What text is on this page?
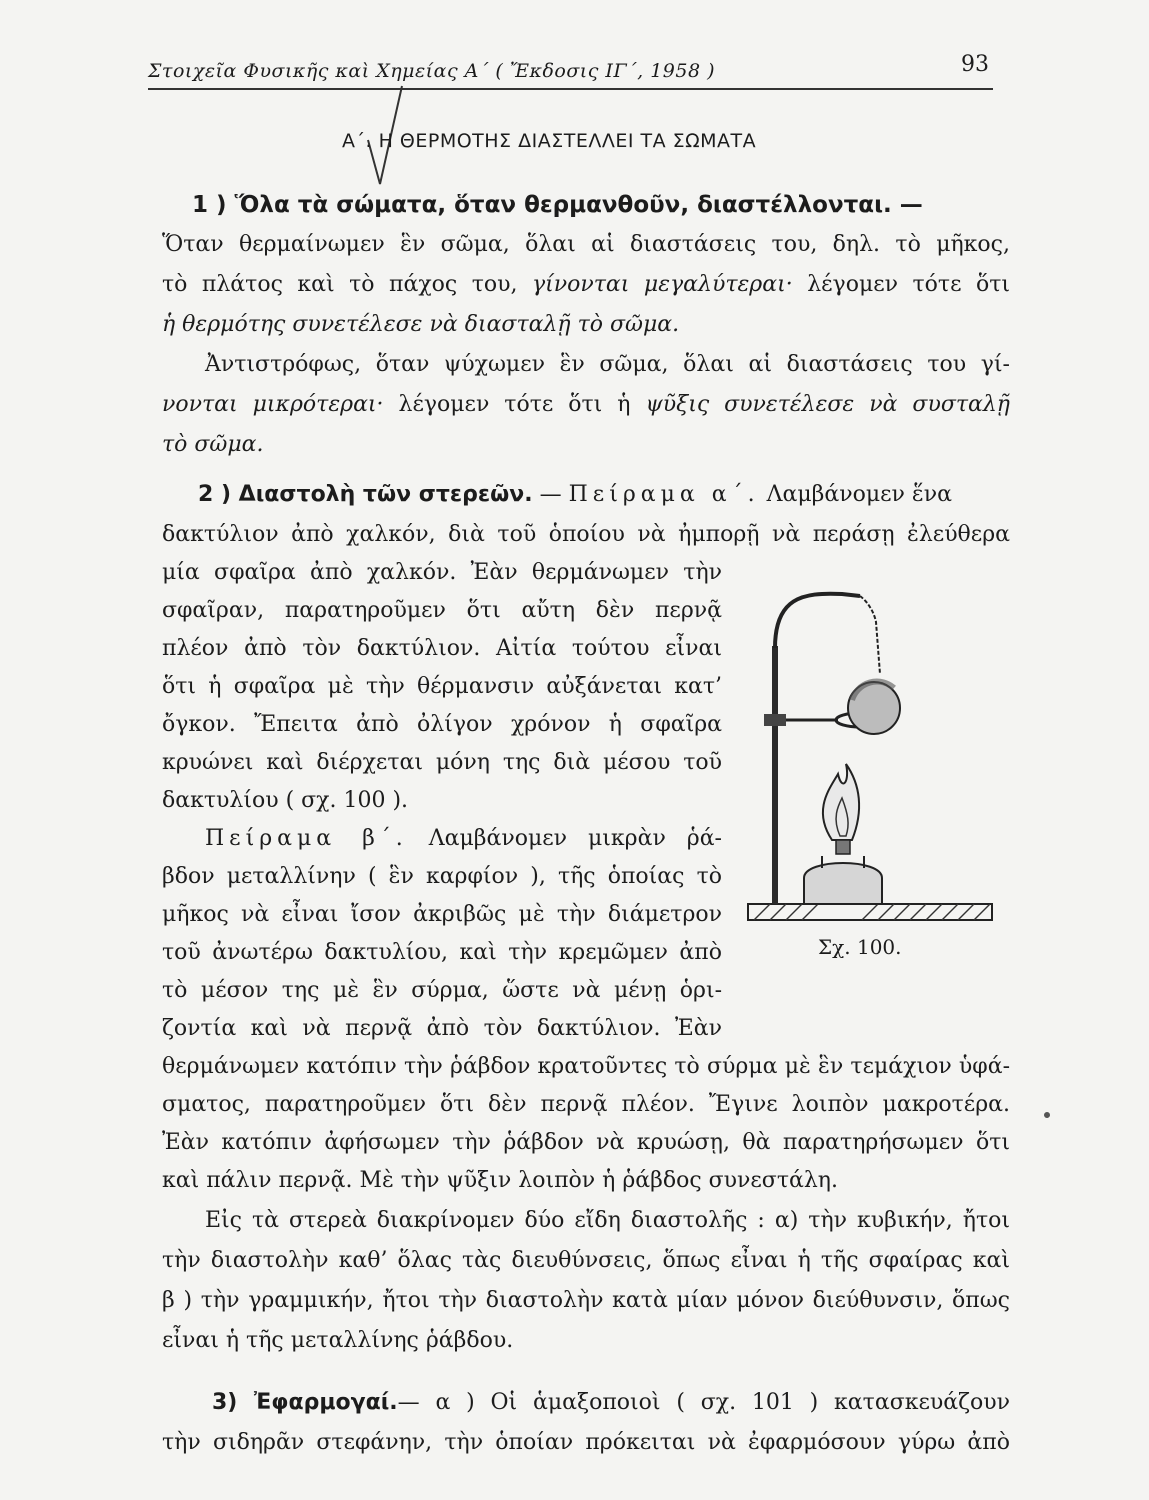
Στοιχεῖα Φυσικῆς καὶ Χημείας Α΄ ( Ἔκδοσις ΙΓ΄, 1958 )	93
Α΄. Η ΘΕΡΜΟΤΗΣ ΔΙΑΣΤΕΛΛΕΙ ΤΑ ΣΩΜΑΤΑ
1 ) Ὅλα τὰ σώματα, ὅταν θερμανθοῦν, διαστέλλονται. —
Ὅταν θερμαίνωμεν ἓν σῶμα, ὅλαι αἱ διαστάσεις του, δηλ. τὸ μῆκος,
τὸ πλάτος καὶ τὸ πάχος του, γίνονται μεγαλύτεραι· λέγομεν τότε ὅτι
ἡ θερμότης συνετέλεσε νὰ διασταλῇ τὸ σῶμα.
Ἀντιστρόφως, ὅταν ψύχωμεν ἓν σῶμα, ὅλαι αἱ διαστάσεις του γί-
νονται μικρότεραι· λέγομεν τότε ὅτι ἡ ψῦξις συνετέλεσε νὰ συσταλῇ
τὸ σῶμα.
2 ) Διαστολὴ τῶν στερεῶν. — Πείραμα α΄. Λαμβάνομεν ἕνα
δακτύλιον ἀπὸ χαλκόν, διὰ τοῦ ὁποίου νὰ ἠμπορῇ νὰ περάσῃ ἐλεύθερα
μία σφαῖρα ἀπὸ χαλκόν. Ἐὰν θερμάνωμεν τὴν
σφαῖραν, παρατηροῦμεν ὅτι αὔτη δὲν περνᾷ
πλέον ἀπὸ τὸν δακτύλιον. Αἰτία τούτου εἶναι
ὅτι ἡ σφαῖρα μὲ τὴν θέρμανσιν αὐξάνεται κατ’
ὄγκον. Ἔπειτα ἀπὸ ὀλίγον χρόνον ἡ σφαῖρα
κρυώνει καὶ διέρχεται μόνη της διὰ μέσου τοῦ
δακτυλίου ( σχ. 100 ).
Πείραμα β΄. Λαμβάνομεν μικρὰν ῥά-
βδον μεταλλίνην ( ἓν καρφίον ), τῆς ὁποίας τὸ
μῆκος νὰ εἶναι ἴσον ἀκριβῶς μὲ τὴν διάμετρον
τοῦ ἀνωτέρω δακτυλίου, καὶ τὴν κρεμῶμεν ἀπὸ
τὸ μέσον της μὲ ἓν σύρμα, ὥστε νὰ μένῃ ὁρι-
ζοντία καὶ νὰ περνᾷ ἀπὸ τὸν δακτύλιον. Ἐὰν
θερμάνωμεν κατόπιν τὴν ῥάβδον κρατοῦντες τὸ σύρμα μὲ ἓν τεμάχιον ὑφά-
σματος, παρατηροῦμεν ὅτι δὲν περνᾷ πλέον. Ἔγινε λοιπὸν μακροτέρα.
Ἐὰν κατόπιν ἀφήσωμεν τὴν ῥάβδον νὰ κρυώσῃ, θὰ παρατηρήσωμεν ὅτι
καὶ πάλιν περνᾷ. Μὲ τὴν ψῦξιν λοιπὸν ἡ ῥάβδος συνεστάλη.
Εἰς τὰ στερεὰ διακρίνομεν δύο εἴδη διαστολῆς : α) τὴν κυβικήν, ἤτοι
τὴν διαστολὴν καθ’ ὅλας τὰς διευθύνσεις, ὅπως εἶναι ἡ τῆς σφαίρας καὶ
β ) τὴν γραμμικήν, ἤτοι τὴν διαστολὴν κατὰ μίαν μόνον διεύθυνσιν, ὅπως
εἶναι ἡ τῆς μεταλλίνης ῥάβδου.
3) Ἐφαρμογαί.— α ) Οἱ ἁμαξοποιοὶ ( σχ. 101 ) κατασκευάζουν
τὴν σιδηρᾶν στεφάνην, τὴν ὁποίαν πρόκειται νὰ ἐφαρμόσουν γύρω ἀπὸ
Σχ. 100.
